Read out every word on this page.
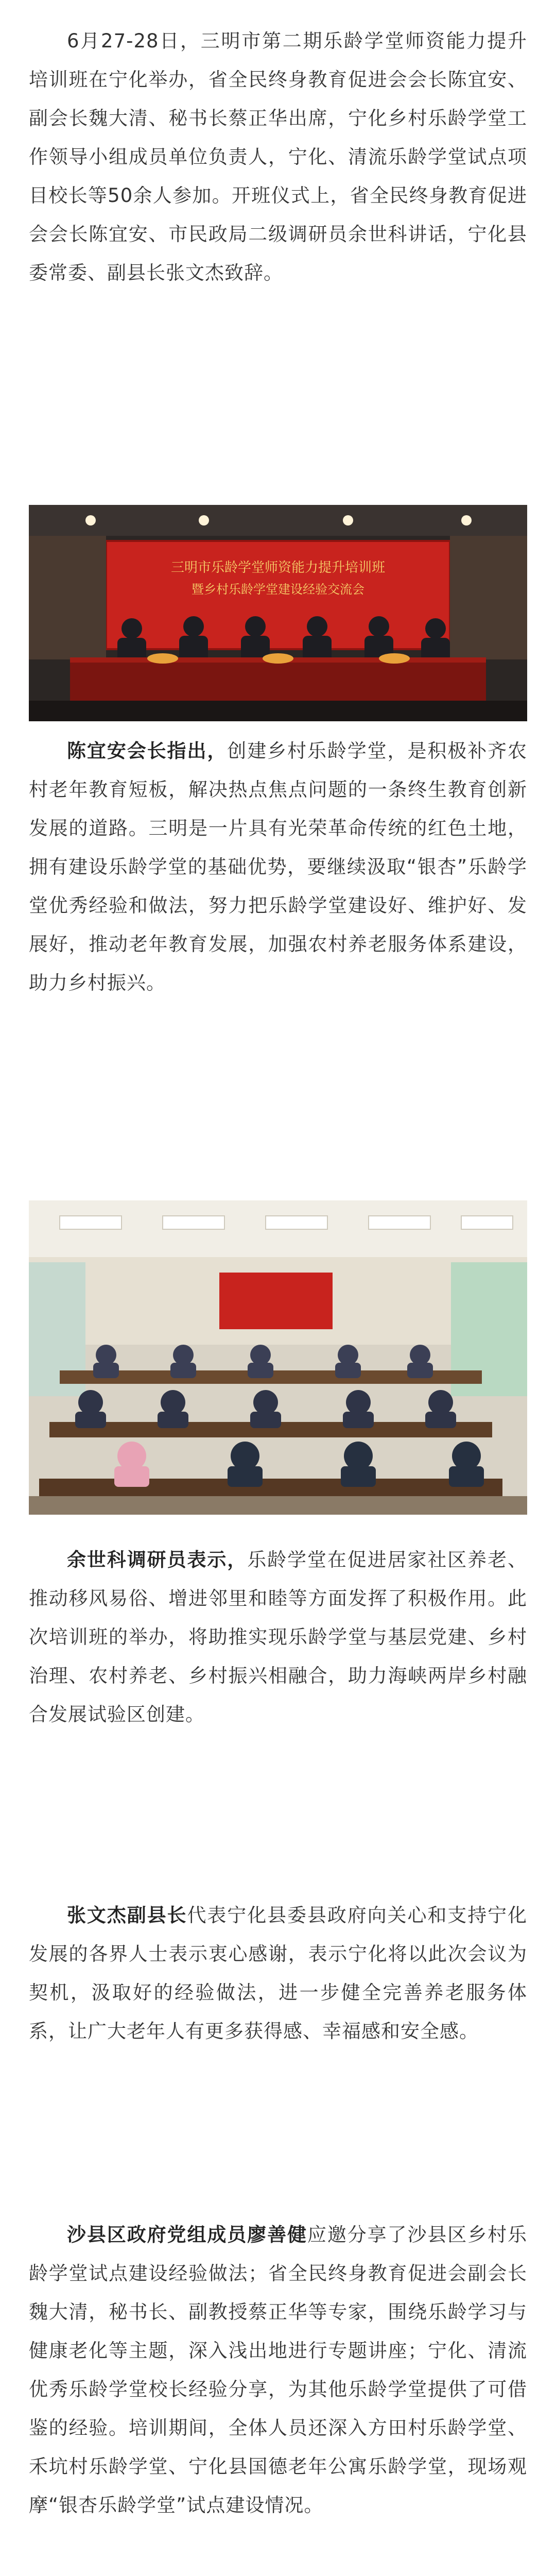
6月27-28日，三明市第二期乐龄学堂师资能力提升培训班在宁化举办，省全民终身教育促进会会长陈宜安、副会长魏大清、秘书长蔡正华出席，宁化乡村乐龄学堂工作领导小组成员单位负责人，宁化、清流乐龄学堂试点项目校长等50余人参加。开班仪式上，省全民终身教育促进会会长陈宜安、市民政局二级调研员余世科讲话，宁化县委常委、副县长张文杰致辞。

三明市乐龄学堂师资能力提升培训班
暨乡村乐龄学堂建设经验交流会

陈宜安会长指出，创建乡村乐龄学堂，是积极补齐农村老年教育短板，解决热点焦点问题的一条终生教育创新发展的道路。三明是一片具有光荣革命传统的红色土地，拥有建设乐龄学堂的基础优势，要继续汲取“银杏”乐龄学堂优秀经验和做法，努力把乐龄学堂建设好、维护好、发展好，推动老年教育发展，加强农村养老服务体系建设，助力乡村振兴。

余世科调研员表示，乐龄学堂在促进居家社区养老、推动移风易俗、增进邻里和睦等方面发挥了积极作用。此次培训班的举办，将助推实现乐龄学堂与基层党建、乡村治理、农村养老、乡村振兴相融合，助力海峡两岸乡村融合发展试验区创建。

张文杰副县长代表宁化县委县政府向关心和支持宁化发展的各界人士表示衷心感谢，表示宁化将以此次会议为契机，汲取好的经验做法，进一步健全完善养老服务体系，让广大老年人有更多获得感、幸福感和安全感。

沙县区政府党组成员廖善健应邀分享了沙县区乡村乐龄学堂试点建设经验做法；省全民终身教育促进会副会长魏大清，秘书长、副教授蔡正华等专家，围绕乐龄学习与健康老化等主题，深入浅出地进行专题讲座；宁化、清流优秀乐龄学堂校长经验分享，为其他乐龄学堂提供了可借鉴的经验。培训期间，全体人员还深入方田村乐龄学堂、禾坑村乐龄学堂、宁化县国德老年公寓乐龄学堂，现场观摩“银杏乐龄学堂”试点建设情况。
